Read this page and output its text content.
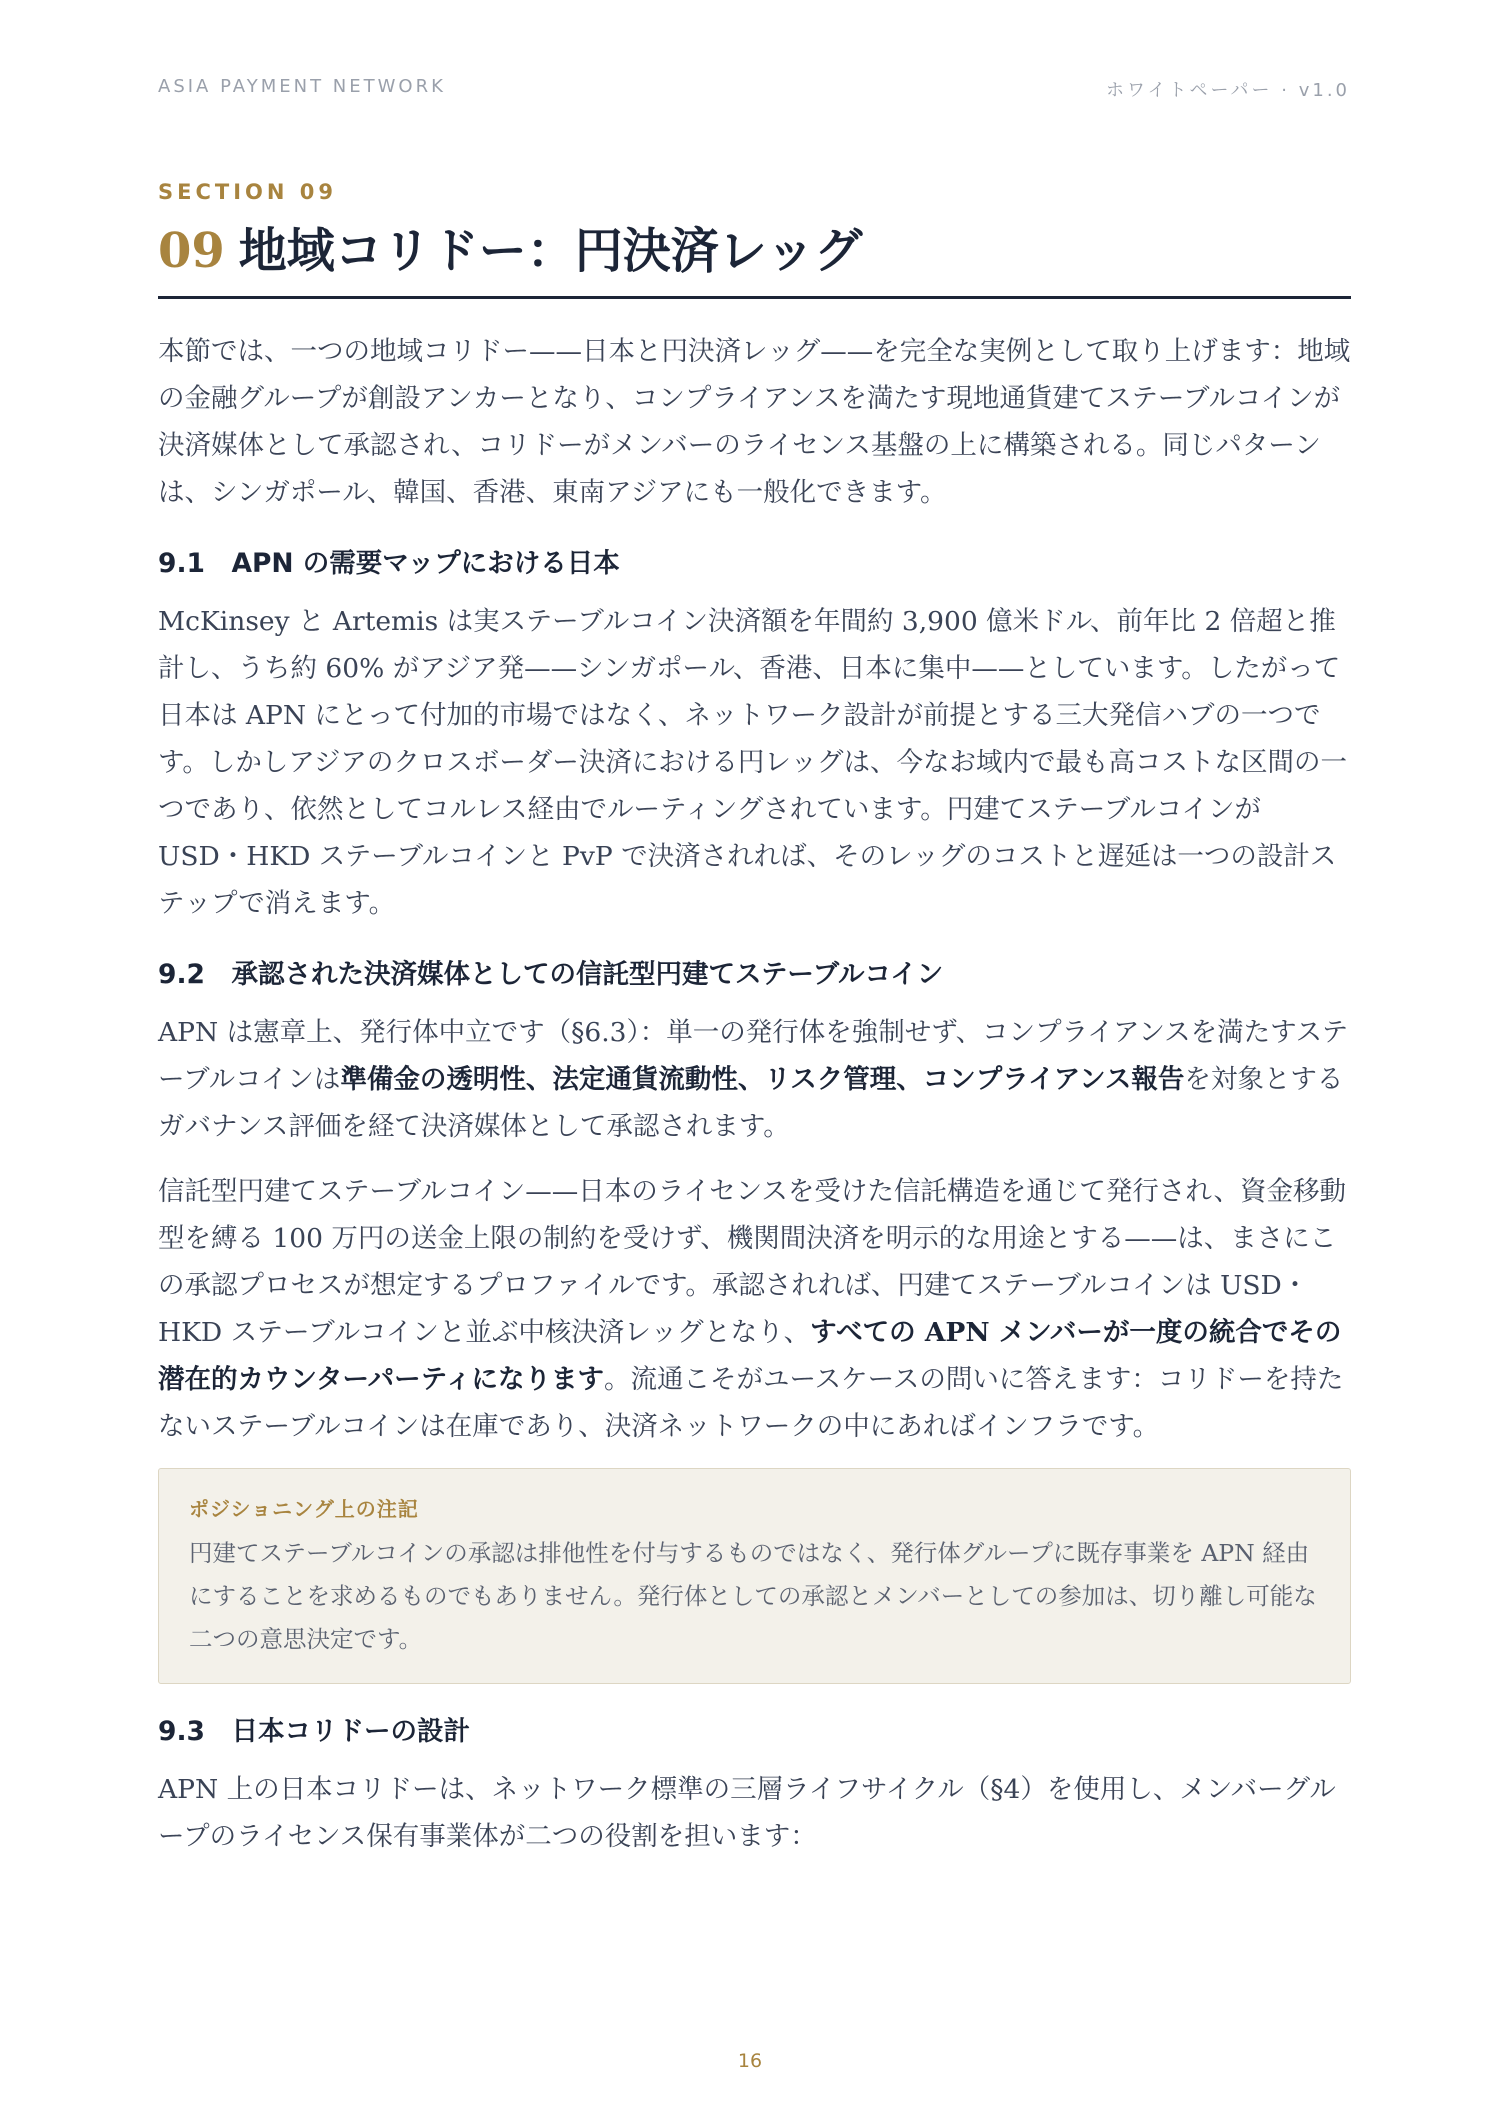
ASIA PAYMENT NETWORK	ホワイトペーパー · v1.0
SECTION 09
09 地域コリドー：円決済レッグ

本節では、一つの地域コリドー——日本と円決済レッグ——を完全な実例として取り上げます：地域の金融グループが創設アンカーとなり、コンプライアンスを満たす現地通貨建てステーブルコインが決済媒体として承認され、コリドーがメンバーのライセンス基盤の上に構築される。同じパターンは、シンガポール、韓国、香港、東南アジアにも一般化できます。

9.1　APN の需要マップにおける日本

McKinsey と Artemis は実ステーブルコイン決済額を年間約 3,900 億米ドル、前年比 2 倍超と推計し、うち約 60% がアジア発——シンガポール、香港、日本に集中——としています。したがって日本は APN にとって付加的市場ではなく、ネットワーク設計が前提とする三大発信ハブの一つです。しかしアジアのクロスボーダー決済における円レッグは、今なお域内で最も高コストな区間の一つであり、依然としてコルレス経由でルーティングされています。円建てステーブルコインが USD・HKD ステーブルコインと PvP で決済されれば、そのレッグのコストと遅延は一つの設計ステップで消えます。

9.2　承認された決済媒体としての信託型円建てステーブルコイン

APN は憲章上、発行体中立です（§6.3）：単一の発行体を強制せず、コンプライアンスを満たすステーブルコインは準備金の透明性、法定通貨流動性、リスク管理、コンプライアンス報告を対象とするガバナンス評価を経て決済媒体として承認されます。

信託型円建てステーブルコイン——日本のライセンスを受けた信託構造を通じて発行され、資金移動型を縛る 100 万円の送金上限の制約を受けず、機関間決済を明示的な用途とする——は、まさにこの承認プロセスが想定するプロファイルです。承認されれば、円建てステーブルコインは USD・HKD ステーブルコインと並ぶ中核決済レッグとなり、すべての APN メンバーが一度の統合でその潜在的カウンターパーティになります。流通こそがユースケースの問いに答えます：コリドーを持たないステーブルコインは在庫であり、決済ネットワークの中にあればインフラです。

ポジショニング上の注記

円建てステーブルコインの承認は排他性を付与するものではなく、発行体グループに既存事業を APN 経由にすることを求めるものでもありません。発行体としての承認とメンバーとしての参加は、切り離し可能な二つの意思決定です。

9.3　日本コリドーの設計

APN 上の日本コリドーは、ネットワーク標準の三層ライフサイクル（§4）を使用し、メンバーグループのライセンス保有事業体が二つの役割を担います：

16
